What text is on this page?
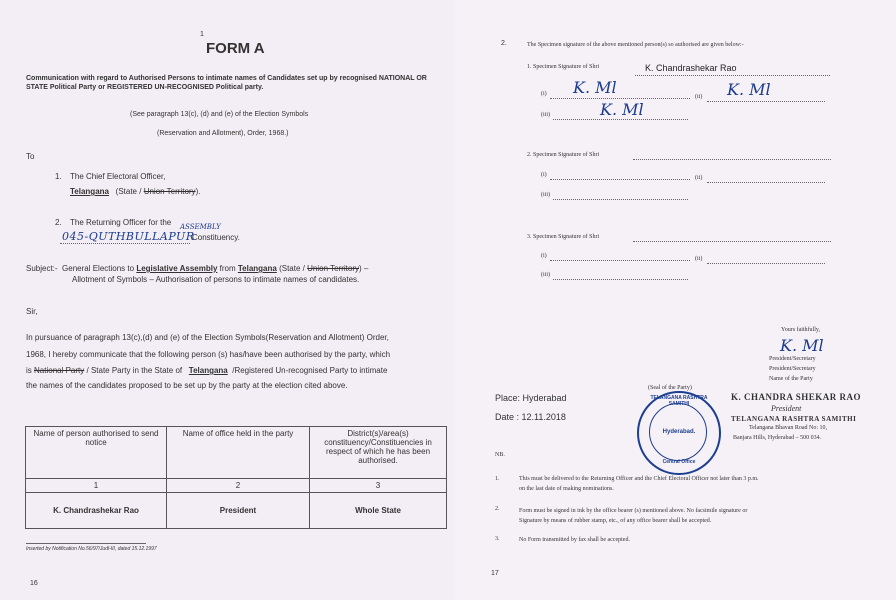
1
FORM A
Communication with regard to Authorised Persons to intimate names of Candidates set up by recognised NATIONAL OR STATE Political Party or REGISTERED UN-RECOGNISED Political party.
(See paragraph 13(c), (d) and (e) of the Election Symbols
(Reservation and Allotment), Order, 1968.)
To
1. The Chief Electoral Officer,
Telangana (State / Union Territory).
2. The Returning Officer for the ASSEMBLY
045-QUTHBULLAPUR
Constituency.
Subject:- General Elections to Legislative Assembly from Telangana (State / Union Territory) –
Allotment of Symbols – Authorisation of persons to intimate names of candidates.
Sir,
In pursuance of paragraph 13(c),(d) and (e) of the Election Symbols(Reservation and Allotment) Order,
1968, I hereby communicate that the following person (s) has/have been authorised by the party, which
is National Party / State Party in the State of Telangana /Registered Un-recognised Party to intimate
the names of the candidates proposed to be set up by the party at the election cited above.
Name of person authorised to send notice	Name of office held in the party	District(s)/area(s) constituency/Constituencies in respect of which he has been authorised.
1	2	3
K. Chandrashekar Rao	President	Whole State
Inserted by Notification No.56/97/Judl-III, dated 15.12.1997
16
2.	The Specimen signature of the above mentioned person(s) so authorised are given below:-
1. Specimen Signature of Shri	K. Chandrashekar Rao
(i) K. Ml	(ii) K. Ml
(iii)	K. Ml
2. Specimen Signature of Shri
(i)	(ii)
(iii)
3. Specimen Signature of Shri
(i)	(ii)
(iii)
Yours faithfully,
K. Ml
President/Secretary
President/Secretary
Name of the Party
Place: Hyderabad
Date : 12.11.2018
(Seal of the Party)
TELANGANA RASHTRA SAMITHI
Hyderabad.
Central Office
K. CHANDRA SHEKAR RAO
President
TELANGANA RASHTRA SAMITHI
Telangana Bhavan Road No: 10,
Banjara Hills, Hyderabad – 500 034.
NB.
1.	This must be delivered to the Returning Officer and the Chief Electoral Officer not later than 3 p.m.
on the last date of making nominations.
2.	Form must be signed in ink by the office bearer (s) mentioned above. No facsimile signature or
Signature by means of rubber stamp, etc., of any office bearer shall be accepted.
3.	No Form transmitted by fax shall be accepted.
17
